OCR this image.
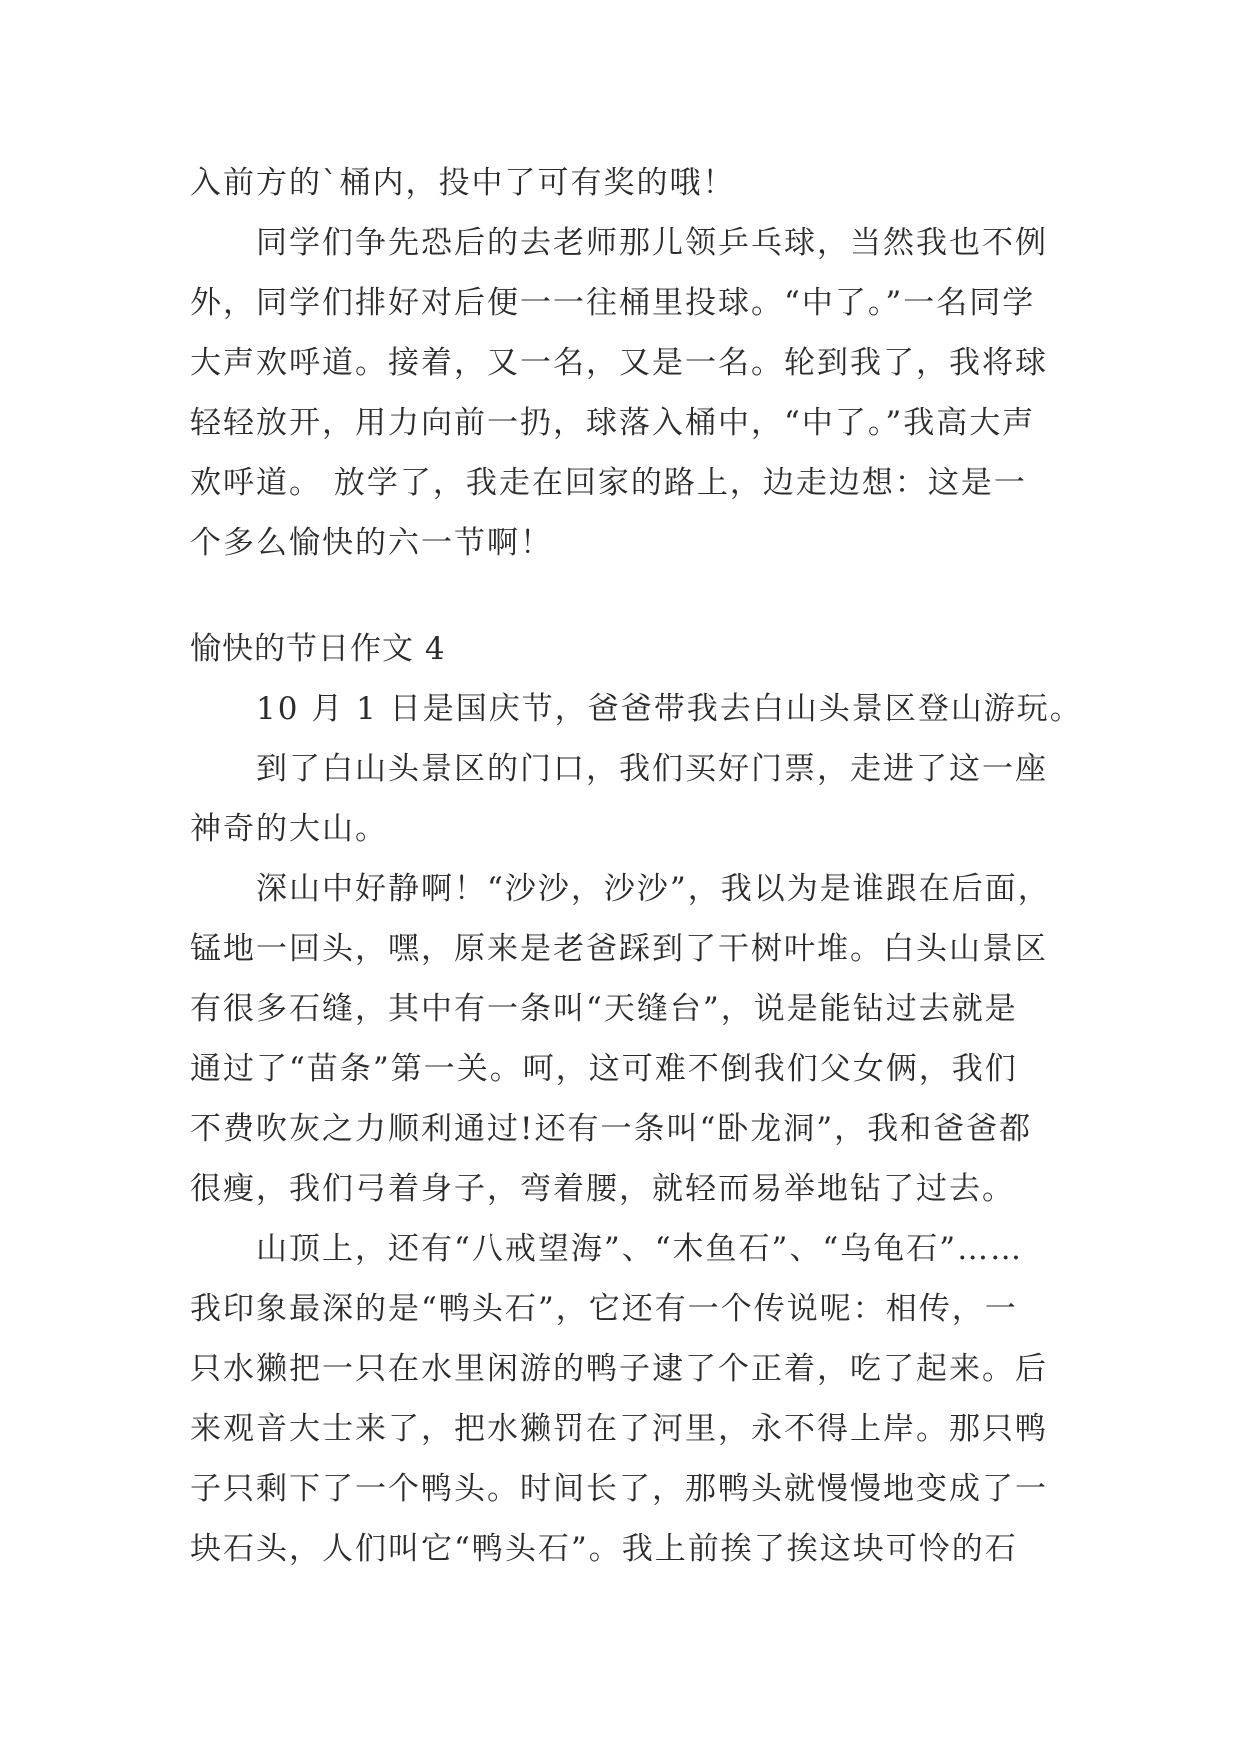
入前方的`桶内，投中了可有奖的哦！
同学们争先恐后的去老师那儿领乒乓球，当然我也不例
外，同学们排好对后便一一往桶里投球。“中了。”一名同学
大声欢呼道。接着，又一名，又是一名。轮到我了，我将球
轻轻放开，用力向前一扔，球落入桶中，“中了。”我高大声
欢呼道。 放学了，我走在回家的路上，边走边想：这是一
个多么愉快的六一节啊！
愉快的节日作文 4
10 月 1 日是国庆节，爸爸带我去白山头景区登山游玩。
到了白山头景区的门口，我们买好门票，走进了这一座
神奇的大山。
深山中好静啊！“沙沙，沙沙”，我以为是谁跟在后面，
锰地一回头，嘿，原来是老爸踩到了干树叶堆。白头山景区
有很多石缝，其中有一条叫“天缝台”，说是能钻过去就是
通过了“苗条”第一关。呵，这可难不倒我们父女俩，我们
不费吹灰之力顺利通过!还有一条叫“卧龙洞”，我和爸爸都
很瘦，我们弓着身子，弯着腰，就轻而易举地钻了过去。
山顶上，还有“八戒望海”、“木鱼石”、“乌龟石”……
我印象最深的是“鸭头石”，它还有一个传说呢：相传，一
只水獭把一只在水里闲游的鸭子逮了个正着，吃了起来。后
来观音大士来了，把水獭罚在了河里，永不得上岸。那只鸭
子只剩下了一个鸭头。时间长了，那鸭头就慢慢地变成了一
块石头，人们叫它“鸭头石”。我上前挨了挨这块可怜的石
